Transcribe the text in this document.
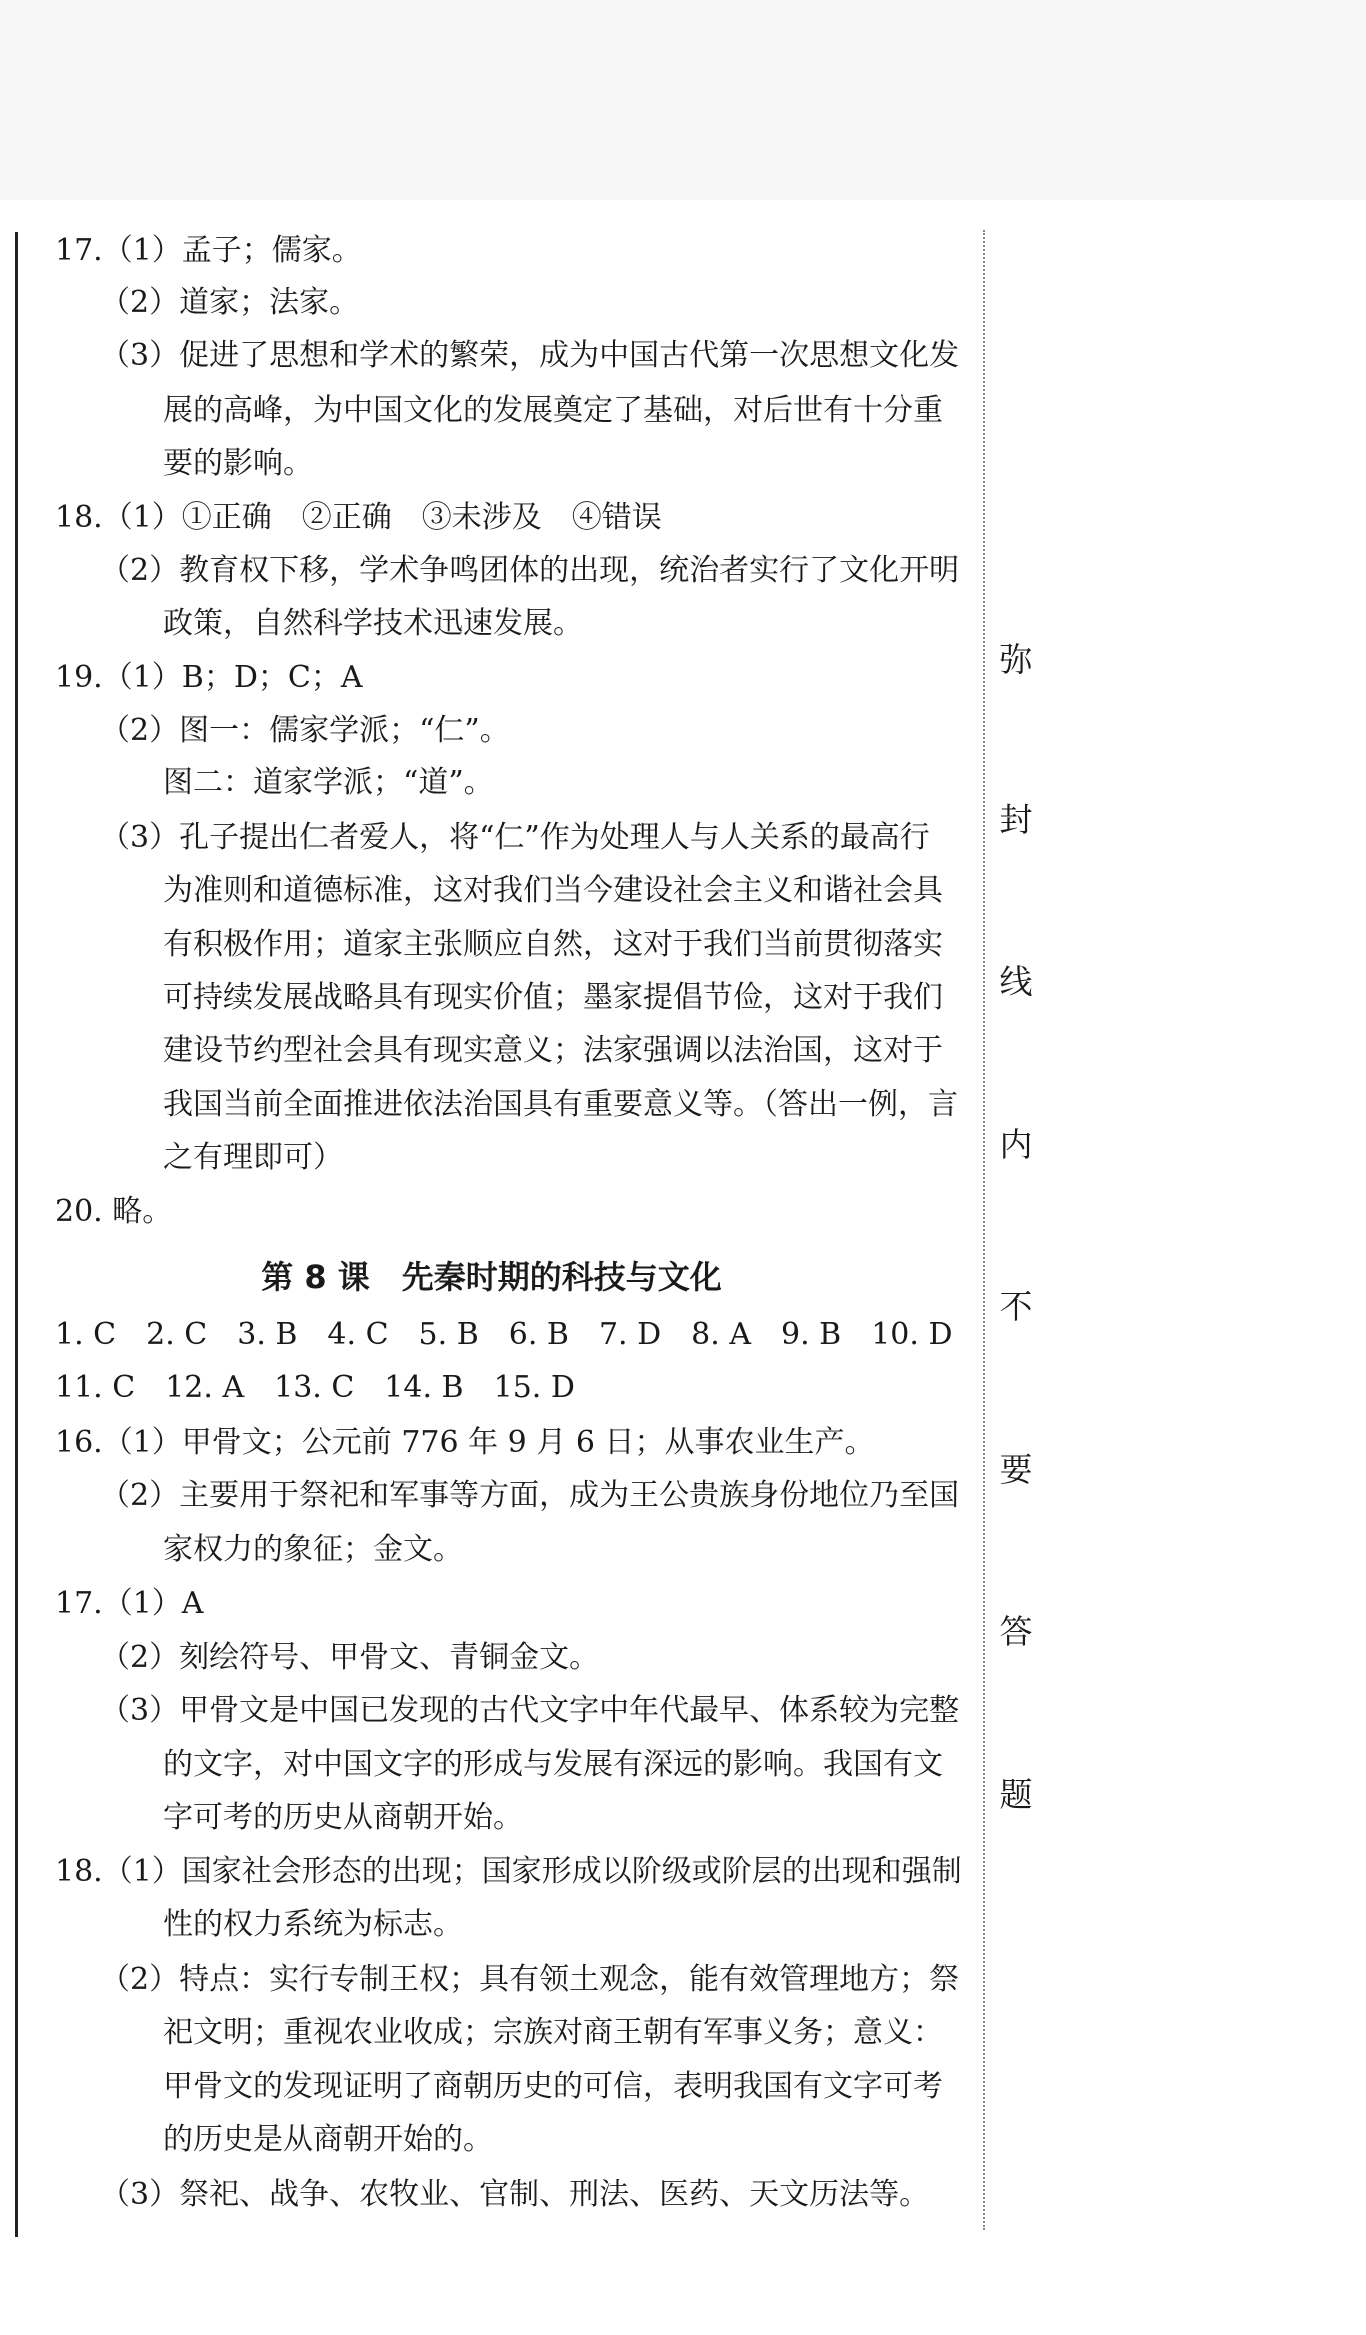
17.（1）孟子；儒家。
（2）道家；法家。
（3）促进了思想和学术的繁荣，成为中国古代第一次思想文化发
展的高峰，为中国文化的发展奠定了基础，对后世有十分重
要的影响。
18.（1）①正确　②正确　③未涉及　④错误
（2）教育权下移，学术争鸣团体的出现，统治者实行了文化开明
政策，自然科学技术迅速发展。
19.（1）B；D；C；A
（2）图一：儒家学派；“仁”。
图二：道家学派；“道”。
（3）孔子提出仁者爱人，将“仁”作为处理人与人关系的最高行
为准则和道德标准，这对我们当今建设社会主义和谐社会具
有积极作用；道家主张顺应自然，这对于我们当前贯彻落实
可持续发展战略具有现实价值；墨家提倡节俭，这对于我们
建设节约型社会具有现实意义；法家强调以法治国，这对于
我国当前全面推进依法治国具有重要意义等。（答出一例，言
之有理即可）
20. 略。
第 8 课　先秦时期的科技与文化
1. C　2. C　3. B　4. C　5. B　6. B　7. D　8. A　9. B　10. D
11. C　12. A　13. C　14. B　15. D
16.（1）甲骨文；公元前 776 年 9 月 6 日；从事农业生产。
（2）主要用于祭祀和军事等方面，成为王公贵族身份地位乃至国
家权力的象征；金文。
17.（1）A
（2）刻绘符号、甲骨文、青铜金文。
（3）甲骨文是中国已发现的古代文字中年代最早、体系较为完整
的文字，对中国文字的形成与发展有深远的影响。我国有文
字可考的历史从商朝开始。
18.（1）国家社会形态的出现；国家形成以阶级或阶层的出现和强制
性的权力系统为标志。
（2）特点：实行专制王权；具有领土观念，能有效管理地方；祭
祀文明；重视农业收成；宗族对商王朝有军事义务；意义：
甲骨文的发现证明了商朝历史的可信，表明我国有文字可考
的历史是从商朝开始的。
（3）祭祀、战争、农牧业、官制、刑法、医药、天文历法等。
弥
封
线
内
不
要
答
题
